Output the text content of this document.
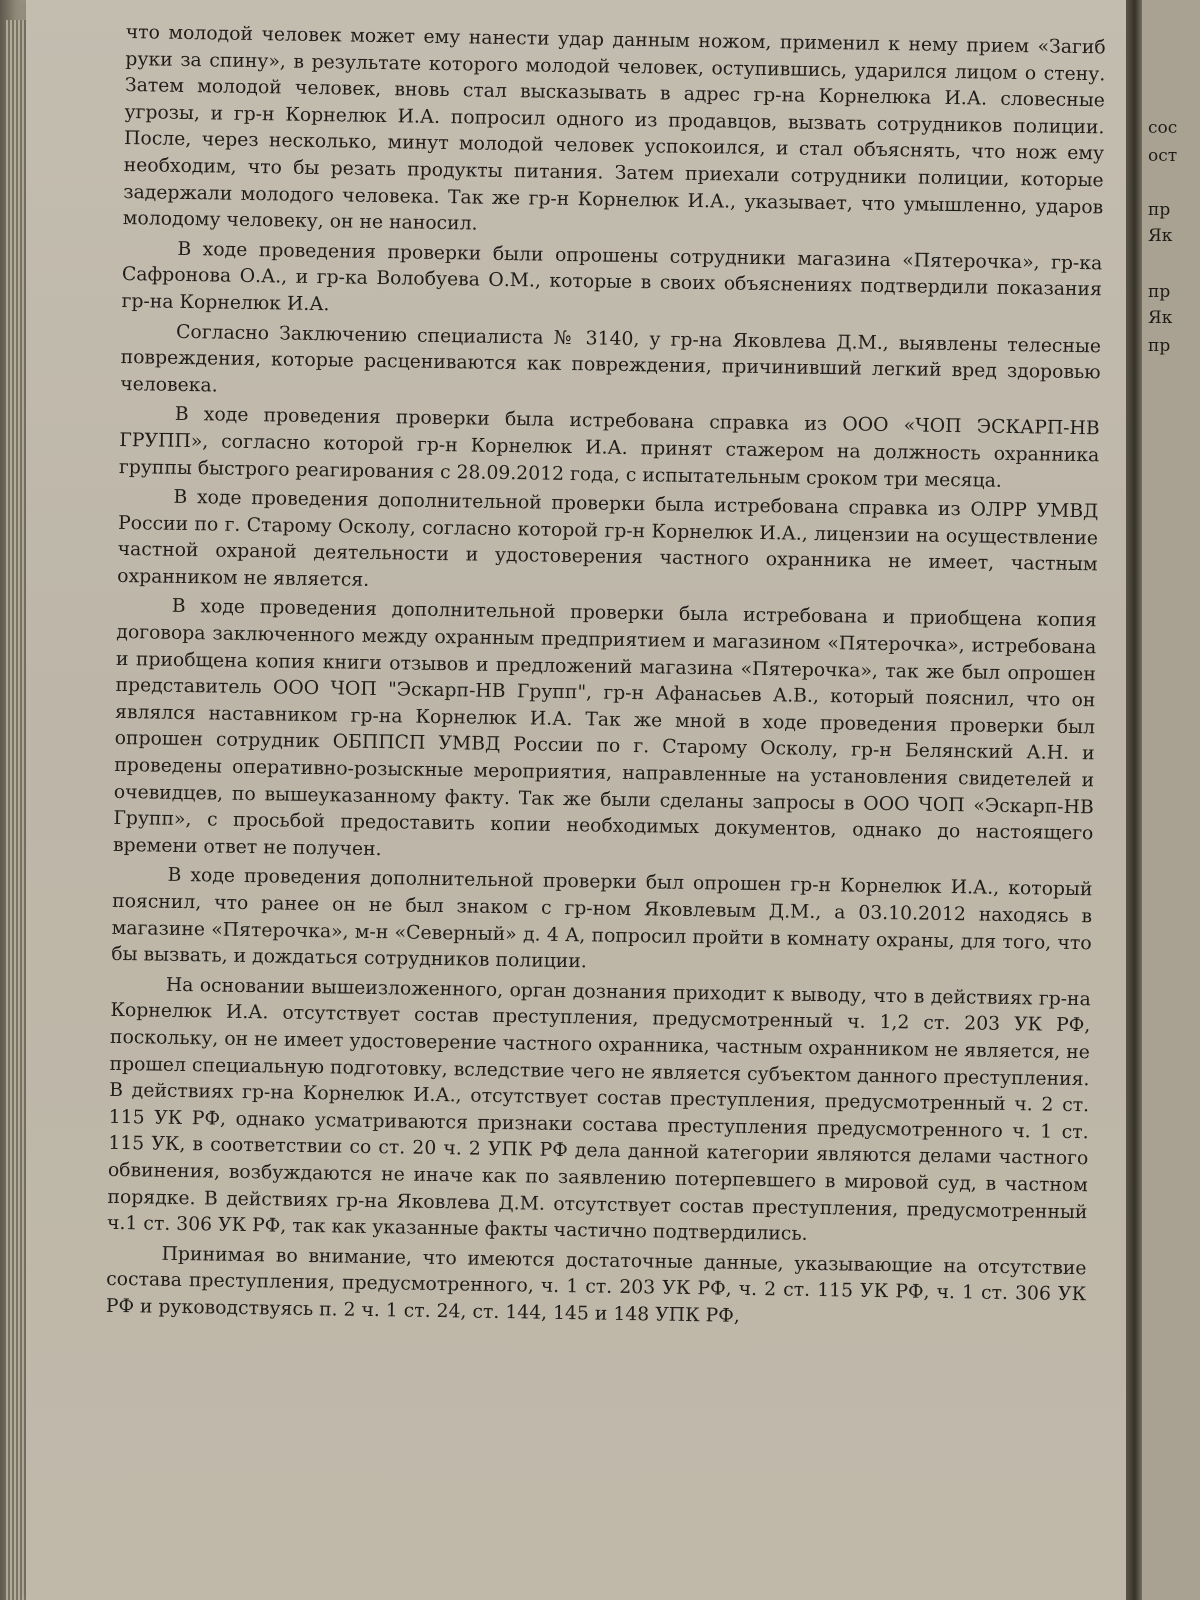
что молодой человек может ему нанести удар данным ножом, применил к нему прием «Загиб руки за спину», в результате которого молодой человек, оступившись, ударился лицом о стену. Затем молодой человек, вновь стал высказывать в адрес гр-на Корнелюка И.А. словесные угрозы, и гр-н Корнелюк И.А. попросил одного из продавцов, вызвать сотрудников полиции. После, через несколько, минут молодой человек успокоился, и стал объяснять, что нож ему необходим, что бы резать продукты питания. Затем приехали сотрудники полиции, которые задержали молодого человека. Так же гр-н Корнелюк И.А., указывает, что умышленно, ударов молодому человеку, он не наносил.

В ходе проведения проверки были опрошены сотрудники магазина «Пятерочка», гр-ка Сафронова О.А., и гр-ка Волобуева О.М., которые в своих объяснениях подтвердили показания гр-на Корнелюк И.А.

Согласно Заключению специалиста № 3140, у гр-на Яковлева Д.М., выявлены телесные повреждения, которые расцениваются как повреждения, причинивший легкий вред здоровью человека.

В ходе проведения проверки была истребована справка из ООО «ЧОП ЭСКАРП-НВ ГРУПП», согласно которой гр-н Корнелюк И.А. принят стажером на должность охранника группы быстрого реагирования с 28.09.2012 года, с испытательным сроком три месяца.

В ходе проведения дополнительной проверки была истребована справка из ОЛРР УМВД России по г. Старому Осколу, согласно которой гр-н Корнелюк И.А., лицензии на осуществление частной охраной деятельности и удостоверения частного охранника не имеет, частным охранником не является.

В ходе проведения дополнительной проверки была истребована и приобщена копия договора заключенного между охранным предприятием и магазином «Пятерочка», истребована и приобщена копия книги отзывов и предложений магазина «Пятерочка», так же был опрошен представитель ООО ЧОП "Эскарп-НВ Групп", гр-н Афанасьев А.В., который пояснил, что он являлся наставником гр-на Корнелюк И.А. Так же мной в ходе проведения проверки был опрошен сотрудник ОБППСП УМВД России по г. Старому Осколу, гр-н Белянский А.Н. и проведены оперативно-розыскные мероприятия, направленные на установления свидетелей и очевидцев, по вышеуказанному факту. Так же были сделаны запросы в ООО ЧОП «Эскарп-НВ Групп», с просьбой предоставить копии необходимых документов, однако до настоящего времени ответ не получен.

В ходе проведения дополнительной проверки был опрошен гр-н Корнелюк И.А., который пояснил, что ранее он не был знаком с гр-ном Яковлевым Д.М., а 03.10.2012 находясь в магазине «Пятерочка», м-н «Северный» д. 4 А, попросил пройти в комнату охраны, для того, что бы вызвать, и дождаться сотрудников полиции.

На основании вышеизложенного, орган дознания приходит к выводу, что в действиях гр-на Корнелюк И.А. отсутствует состав преступления, предусмотренный ч. 1,2 ст. 203 УК РФ, поскольку, он не имеет удостоверение частного охранника, частным охранником не является, не прошел специальную подготовку, вследствие чего не является субъектом данного преступления. В действиях гр-на Корнелюк И.А., отсутствует состав преступления, предусмотренный ч. 2 ст. 115 УК РФ, однако усматриваются признаки состава преступления предусмотренного ч. 1 ст. 115 УК, в соответствии со ст. 20 ч. 2 УПК РФ дела данной категории являются делами частного обвинения, возбуждаются не иначе как по заявлению потерпевшего в мировой суд, в частном порядке. В действиях гр-на Яковлева Д.М. отсутствует состав преступления, предусмотренный ч.1 ст. 306 УК РФ, так как указанные факты частично подтвердились.

Принимая во внимание, что имеются достаточные данные, указывающие на отсутствие состава преступления, предусмотренного, ч. 1 ст. 203 УК РФ, ч. 2 ст. 115 УК РФ, ч. 1 ст. 306 УК РФ и руководствуясь п. 2 ч. 1 ст. 24, ст. 144, 145 и 148 УПК РФ,

сос
ост
пр
Як
пр
Як
пр
